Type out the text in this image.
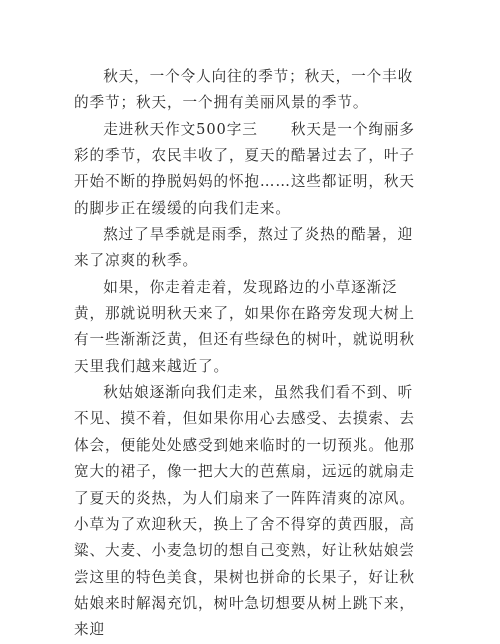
秋天，一个令人向往的季节；秋天，一个丰收的季节；秋天，一个拥有美丽风景的季节。

走进秋天作文500字三      秋天是一个绚丽多彩的季节，农民丰收了，夏天的酷暑过去了，叶子开始不断的挣脱妈妈的怀抱……这些都证明，秋天的脚步正在缓缓的向我们走来。

熬过了旱季就是雨季，熬过了炎热的酷暑，迎来了凉爽的秋季。

如果，你走着走着，发现路边的小草逐渐泛黄，那就说明秋天来了，如果你在路旁发现大树上有一些渐渐泛黄，但还有些绿色的树叶，就说明秋天里我们越来越近了。

秋姑娘逐渐向我们走来，虽然我们看不到、听不见、摸不着，但如果你用心去感受、去摸索、去体会，便能处处感受到她来临时的一切预兆。他那宽大的裙子，像一把大大的芭蕉扇，远远的就扇走了夏天的炎热，为人们扇来了一阵阵清爽的凉风。小草为了欢迎秋天，换上了舍不得穿的黄西服，高粱、大麦、小麦急切的想自己变熟，好让秋姑娘尝尝这里的特色美食，果树也拼命的长果子，好让秋姑娘来时解渴充饥，树叶急切想要从树上跳下来，来迎
